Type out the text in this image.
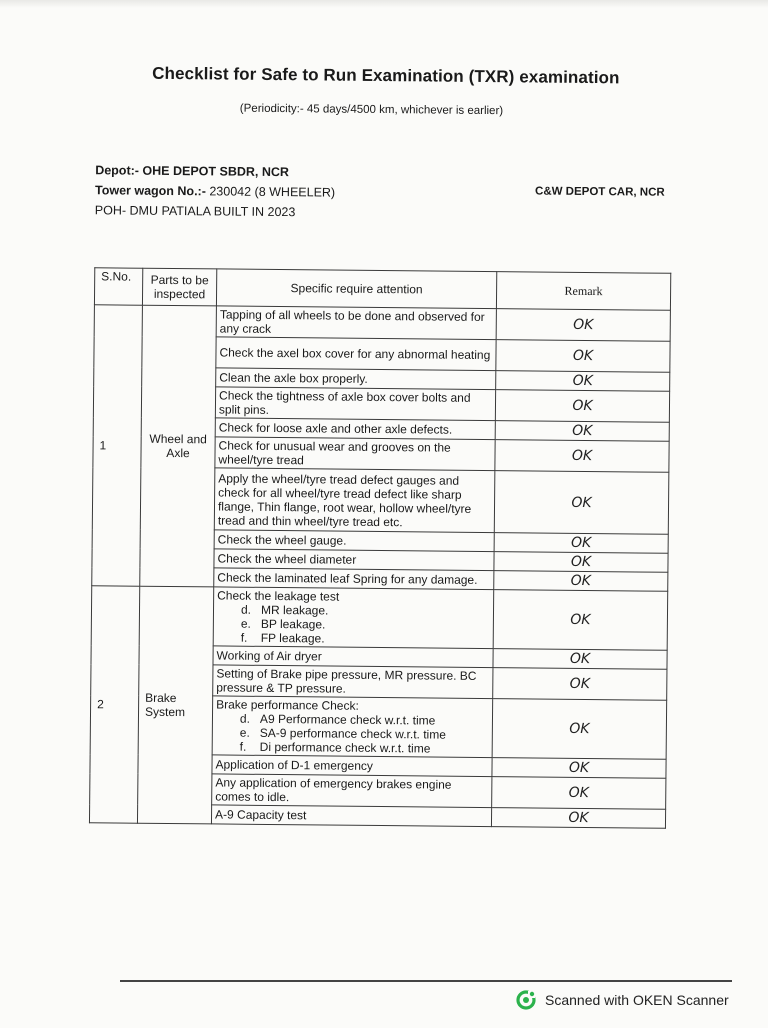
Checklist for Safe to Run Examination (TXR) examination
(Periodicity:- 45 days/4500 km, whichever is earlier)
Depot:- OHE DEPOT SBDR, NCR
Tower wagon No.:- 230042 (8 WHEELER)
POH- DMU PATIALA BUILT IN 2023
C&W DEPOT CAR, NCR
S.No.	Parts to be inspected	Specific require attention	Remark
1	Wheel and Axle	Tapping of all wheels to be done and observed for any crack	OK
		Check the axel box cover for any abnormal heating	OK
		Clean the axle box properly.	OK
		Check the tightness of axle box cover bolts and split pins.	OK
		Check for loose axle and other axle defects.	OK
		Check for unusual wear and grooves on the wheel/tyre tread	OK
		Apply the wheel/tyre tread defect gauges and check for all wheel/tyre tread defect like sharp flange, Thin flange, root wear, hollow wheel/tyre tread and thin wheel/tyre tread etc.	OK
		Check the wheel gauge.	OK
		Check the wheel diameter	OK
		Check the laminated leaf Spring for any damage.	OK
2	Brake System	Check the leakage test
d. MR leakage.
e. BP leakage.
f. FP leakage.	OK
		Working of Air dryer	OK
		Setting of Brake pipe pressure, MR pressure. BC pressure & TP pressure.	OK

		Brake performance Check:
d. A9 Performance check w.r.t. time
e. SA-9 performance check w.r.t. time
f. Di performance check w.r.t. time	OK
		Application of D-1 emergency	OK
		Any application of emergency brakes engine comes to idle.	OK
		A-9 Capacity test	OK
Scanned with OKEN Scanner
